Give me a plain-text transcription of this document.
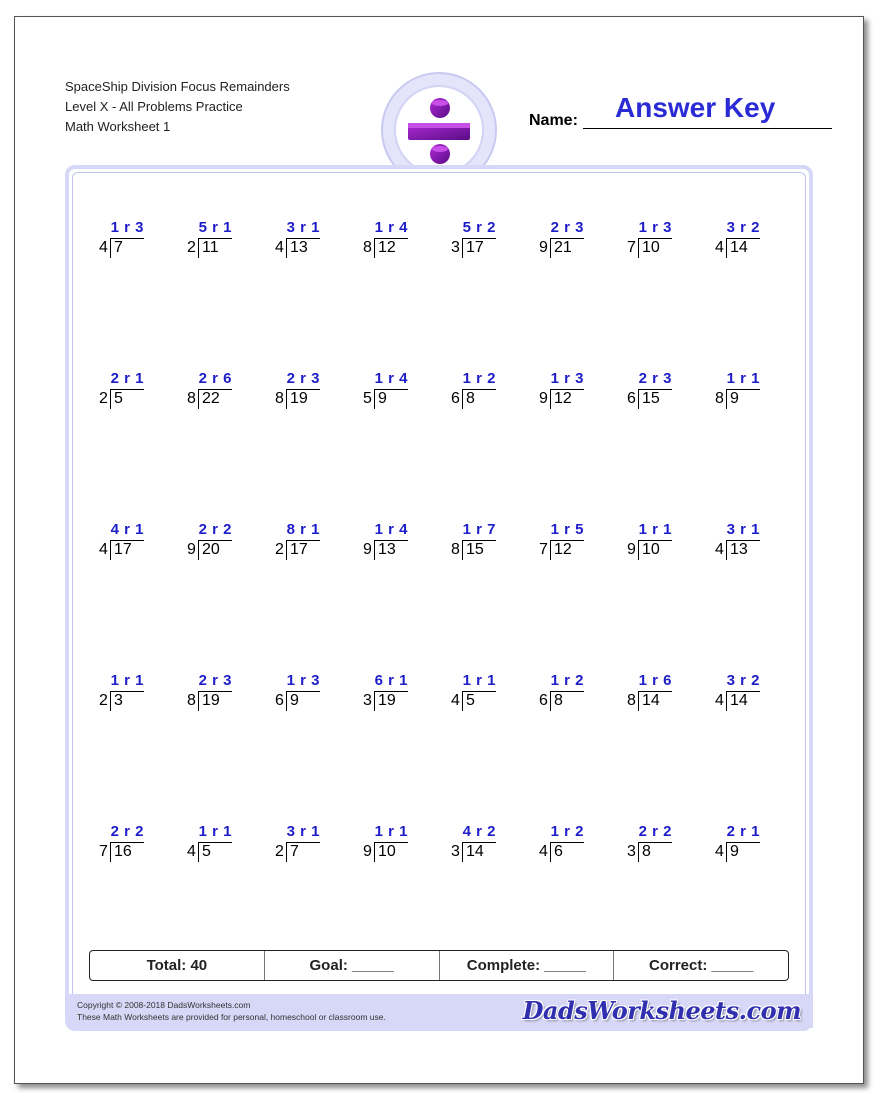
SpaceShip Division Focus Remainders
Level X - All Problems Practice
Math Worksheet 1
Answer Key
Name:
4 7
1 r 3
2 11
5 r 1
4 13
3 r 1
8 12
1 r 4
3 17
5 r 2
9 21
2 r 3
7 10
1 r 3
4 14
3 r 2
2 5
2 r 1
8 22
2 r 6
8 19
2 r 3
5 9
1 r 4
6 8
1 r 2
9 12
1 r 3
6 15
2 r 3
8 9
1 r 1
4 17
4 r 1
9 20
2 r 2
2 17
8 r 1
9 13
1 r 4
8 15
1 r 7
7 12
1 r 5
9 10
1 r 1
4 13
3 r 1
2 3
1 r 1
8 19
2 r 3
6 9
1 r 3
3 19
6 r 1
4 5
1 r 1
6 8
1 r 2
8 14
1 r 6
4 14
3 r 2
7 16
2 r 2
4 5
1 r 1
2 7
3 r 1
9 10
1 r 1
3 14
4 r 2
4 6
1 r 2
3 8
2 r 2
4 9
2 r 1
Total: 40	Goal: _____	Complete: _____	Correct: _____
Copyright © 2008-2018 DadsWorksheets.com
These Math Worksheets are provided for personal, homeschool or classroom use.	DadsWorksheets.com
